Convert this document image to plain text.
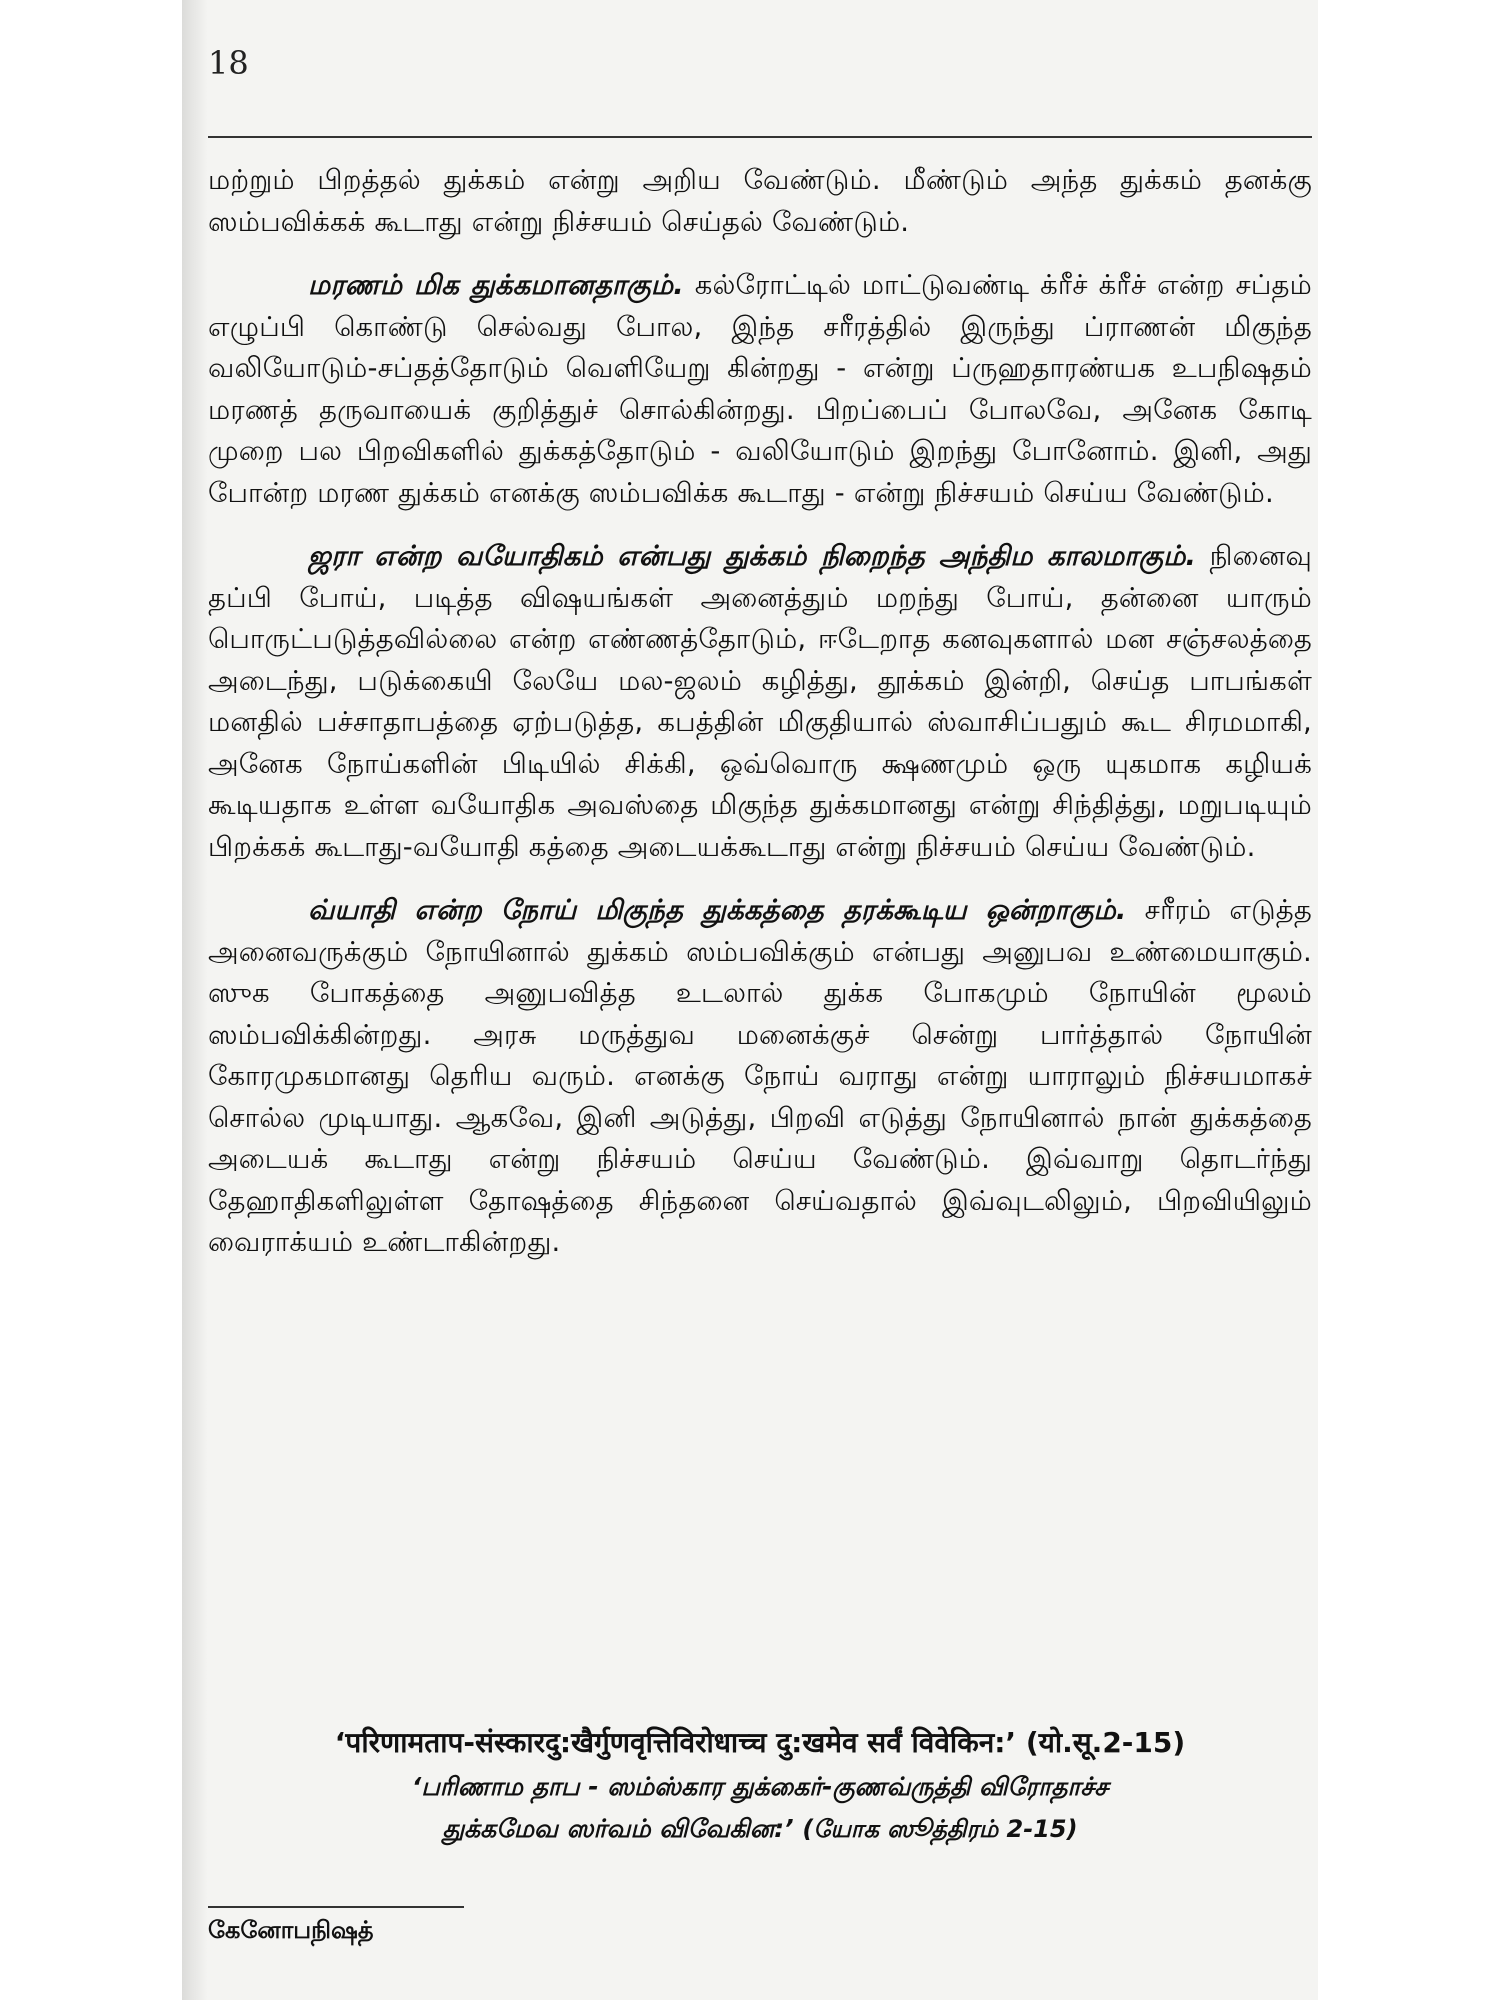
18

மற்றும் பிறத்தல் துக்கம் என்று அறிய வேண்டும். மீண்டும் அந்த துக்கம் தனக்கு ஸம்பவிக்கக் கூடாது என்று நிச்சயம் செய்தல் வேண்டும்.

மரணம் மிக துக்கமானதாகும். கல்ரோட்டில் மாட்டுவண்டி க்ரீச் க்ரீச் என்ற சப்தம் எழுப்பி கொண்டு செல்வது போல, இந்த சரீரத்தில் இருந்து ப்ராணன் மிகுந்த வலியோடும்-சப்தத்தோடும் வெளியேறு கின்றது - என்று ப்ருஹதாரண்யக உபநிஷதம் மரணத் தருவாயைக் குறித்துச் சொல்கின்றது. பிறப்பைப் போலவே, அனேக கோடி முறை பல பிறவிகளில் துக்கத்தோடும் - வலியோடும் இறந்து போனோம். இனி, அது போன்ற மரண துக்கம் எனக்கு ஸம்பவிக்க கூடாது - என்று நிச்சயம் செய்ய வேண்டும்.

ஜரா என்ற வயோதிகம் என்பது துக்கம் நிறைந்த அந்திம காலமாகும். நினைவு தப்பி போய், படித்த விஷயங்கள் அனைத்தும் மறந்து போய், தன்னை யாரும் பொருட்படுத்தவில்லை என்ற எண்ணத்தோடும், ஈடேறாத கனவுகளால் மன சஞ்சலத்தை அடைந்து, படுக்கையி லேயே மல-ஜலம் கழித்து, தூக்கம் இன்றி, செய்த பாபங்கள் மனதில் பச்சாதாபத்தை ஏற்படுத்த, கபத்தின் மிகுதியால் ஸ்வாசிப்பதும் கூட சிரமமாகி, அனேக நோய்களின் பிடியில் சிக்கி, ஒவ்வொரு க்ஷணமும் ஒரு யுகமாக கழியக் கூடியதாக உள்ள வயோதிக அவஸ்தை மிகுந்த துக்கமானது என்று சிந்தித்து, மறுபடியும் பிறக்கக் கூடாது-வயோதி கத்தை அடையக்கூடாது என்று நிச்சயம் செய்ய வேண்டும்.

வ்யாதி என்ற நோய் மிகுந்த துக்கத்தை தரக்கூடிய ஒன்றாகும். சரீரம் எடுத்த அனைவருக்கும் நோயினால் துக்கம் ஸம்பவிக்கும் என்பது அனுபவ உண்மையாகும். ஸுக போகத்தை அனுபவித்த உடலால் துக்க போகமும் நோயின் மூலம் ஸம்பவிக்கின்றது. அரசு மருத்துவ மனைக்குச் சென்று பார்த்தால் நோயின் கோரமுகமானது தெரிய வரும். எனக்கு நோய் வராது என்று யாராலும் நிச்சயமாகச் சொல்ல முடியாது. ஆகவே, இனி அடுத்து, பிறவி எடுத்து நோயினால் நான் துக்கத்தை அடையக் கூடாது என்று நிச்சயம் செய்ய வேண்டும். இவ்வாறு தொடர்ந்து தேஹாதிகளிலுள்ள தோஷத்தை சிந்தனை செய்வதால் இவ்வுடலிலும், பிறவியிலும் வைராக்யம் உண்டாகின்றது.

‘परिणामताप-संस्कारदु:खैर्गुणवृत्तिविरोधाच्च दु:खमेव सर्वं विवेकिन:’ (यो.सू.2-15)
‘பரிணாம தாப - ஸம்ஸ்கார துக்கைர்-குணவ்ருத்தி விரோதாச்ச
துக்கமேவ ஸர்வம் விவேகின:’ (யோக ஸூத்திரம் 2-15)
கேனோபநிஷத்
